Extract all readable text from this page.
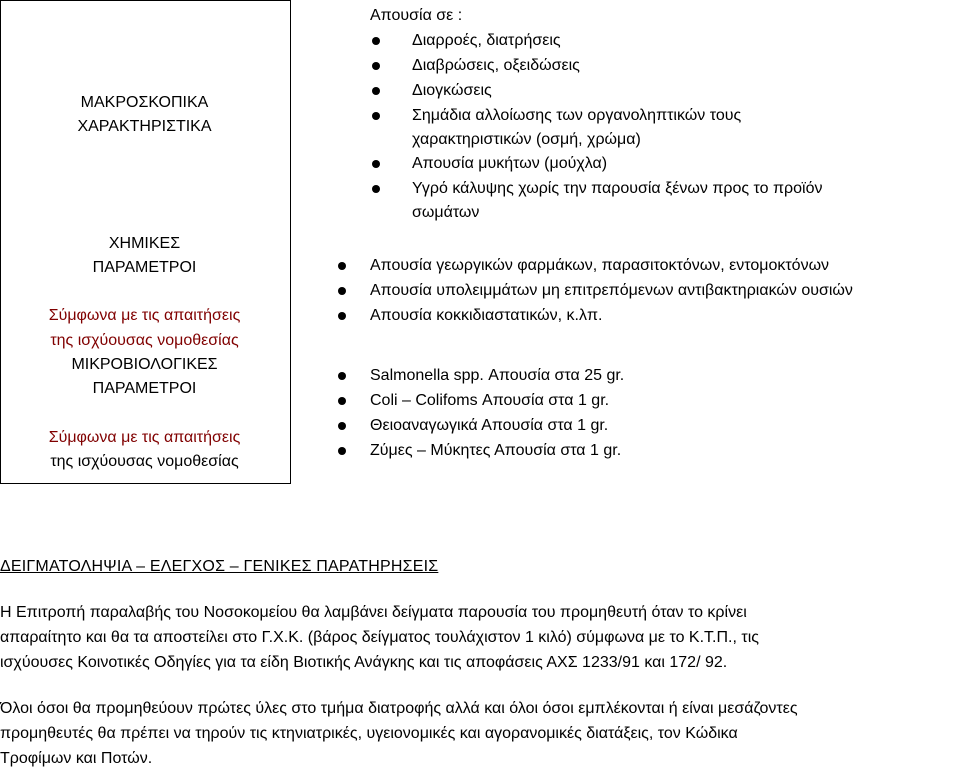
ΜΑΚΡΟΣΚΟΠΙΚΑ ΧΑΡΑΚΤΗΡΙΣΤΙΚΑ
ΧΗΜΙΚΕΣ
ΠΑΡΑΜΕΤΡΟΙ
Σύμφωνα με τις απαιτήσεις
της ισχύουσας νομοθεσίας
ΜΙΚΡΟΒΙΟΛΟΓΙΚΕΣ
ΠΑΡΑΜΕΤΡΟΙ
Σύμφωνα με τις απαιτήσεις
της ισχύουσας νομοθεσίας
Απουσία σε :
Διαρροές, διατρήσεις
Διαβρώσεις, οξειδώσεις
Διογκώσεις
Σημάδια αλλοίωσης των οργανοληπτικών τους
χαρακτηριστικών (οσμή, χρώμα)
Απουσία μυκήτων (μούχλα)
Υγρό κάλυψης χωρίς την παρουσία ξένων προς το προϊόν
σωμάτων
Απουσία γεωργικών φαρμάκων, παρασιτοκτόνων, εντομοκτόνων
Απουσία υπολειμμάτων μη επιτρεπόμενων αντιβακτηριακών ουσιών
Απουσία κοκκιδιαστατικών, κ.λπ.
Salmonella spp. Απουσία στα 25 gr.
Coli – Colifoms Απουσία στα 1 gr.
Θειοαναγωγικά Απουσία στα 1 gr.
Ζύμες – Μύκητες Απουσία στα 1 gr.
ΔΕΙΓΜΑΤΟΛΗΨΙΑ – ΕΛΕΓΧΟΣ – ΓΕΝΙΚΕΣ ΠΑΡΑΤΗΡΗΣΕΙΣ
Η Επιτροπή παραλαβής του Νοσοκομείου θα λαμβάνει δείγματα παρουσία του προμηθευτή όταν το κρίνει
απαραίτητο και θα τα αποστείλει στο Γ.Χ.Κ. (βάρος δείγματος τουλάχιστον 1 κιλό) σύμφωνα με το Κ.Τ.Π., τις
ισχύουσες Κοινοτικές Οδηγίες για τα είδη Βιοτικής Ανάγκης και τις αποφάσεις ΑΧΣ 1233/91 και 172/ 92.
Όλοι όσοι θα προμηθεύουν πρώτες ύλες στο τμήμα διατροφής αλλά και όλοι όσοι εμπλέκονται ή είναι μεσάζοντες
προμηθευτές θα πρέπει να τηρούν τις κτηνιατρικές, υγειονομικές και αγορανομικές διατάξεις, τον Κώδικα
Τροφίμων και Ποτών.
